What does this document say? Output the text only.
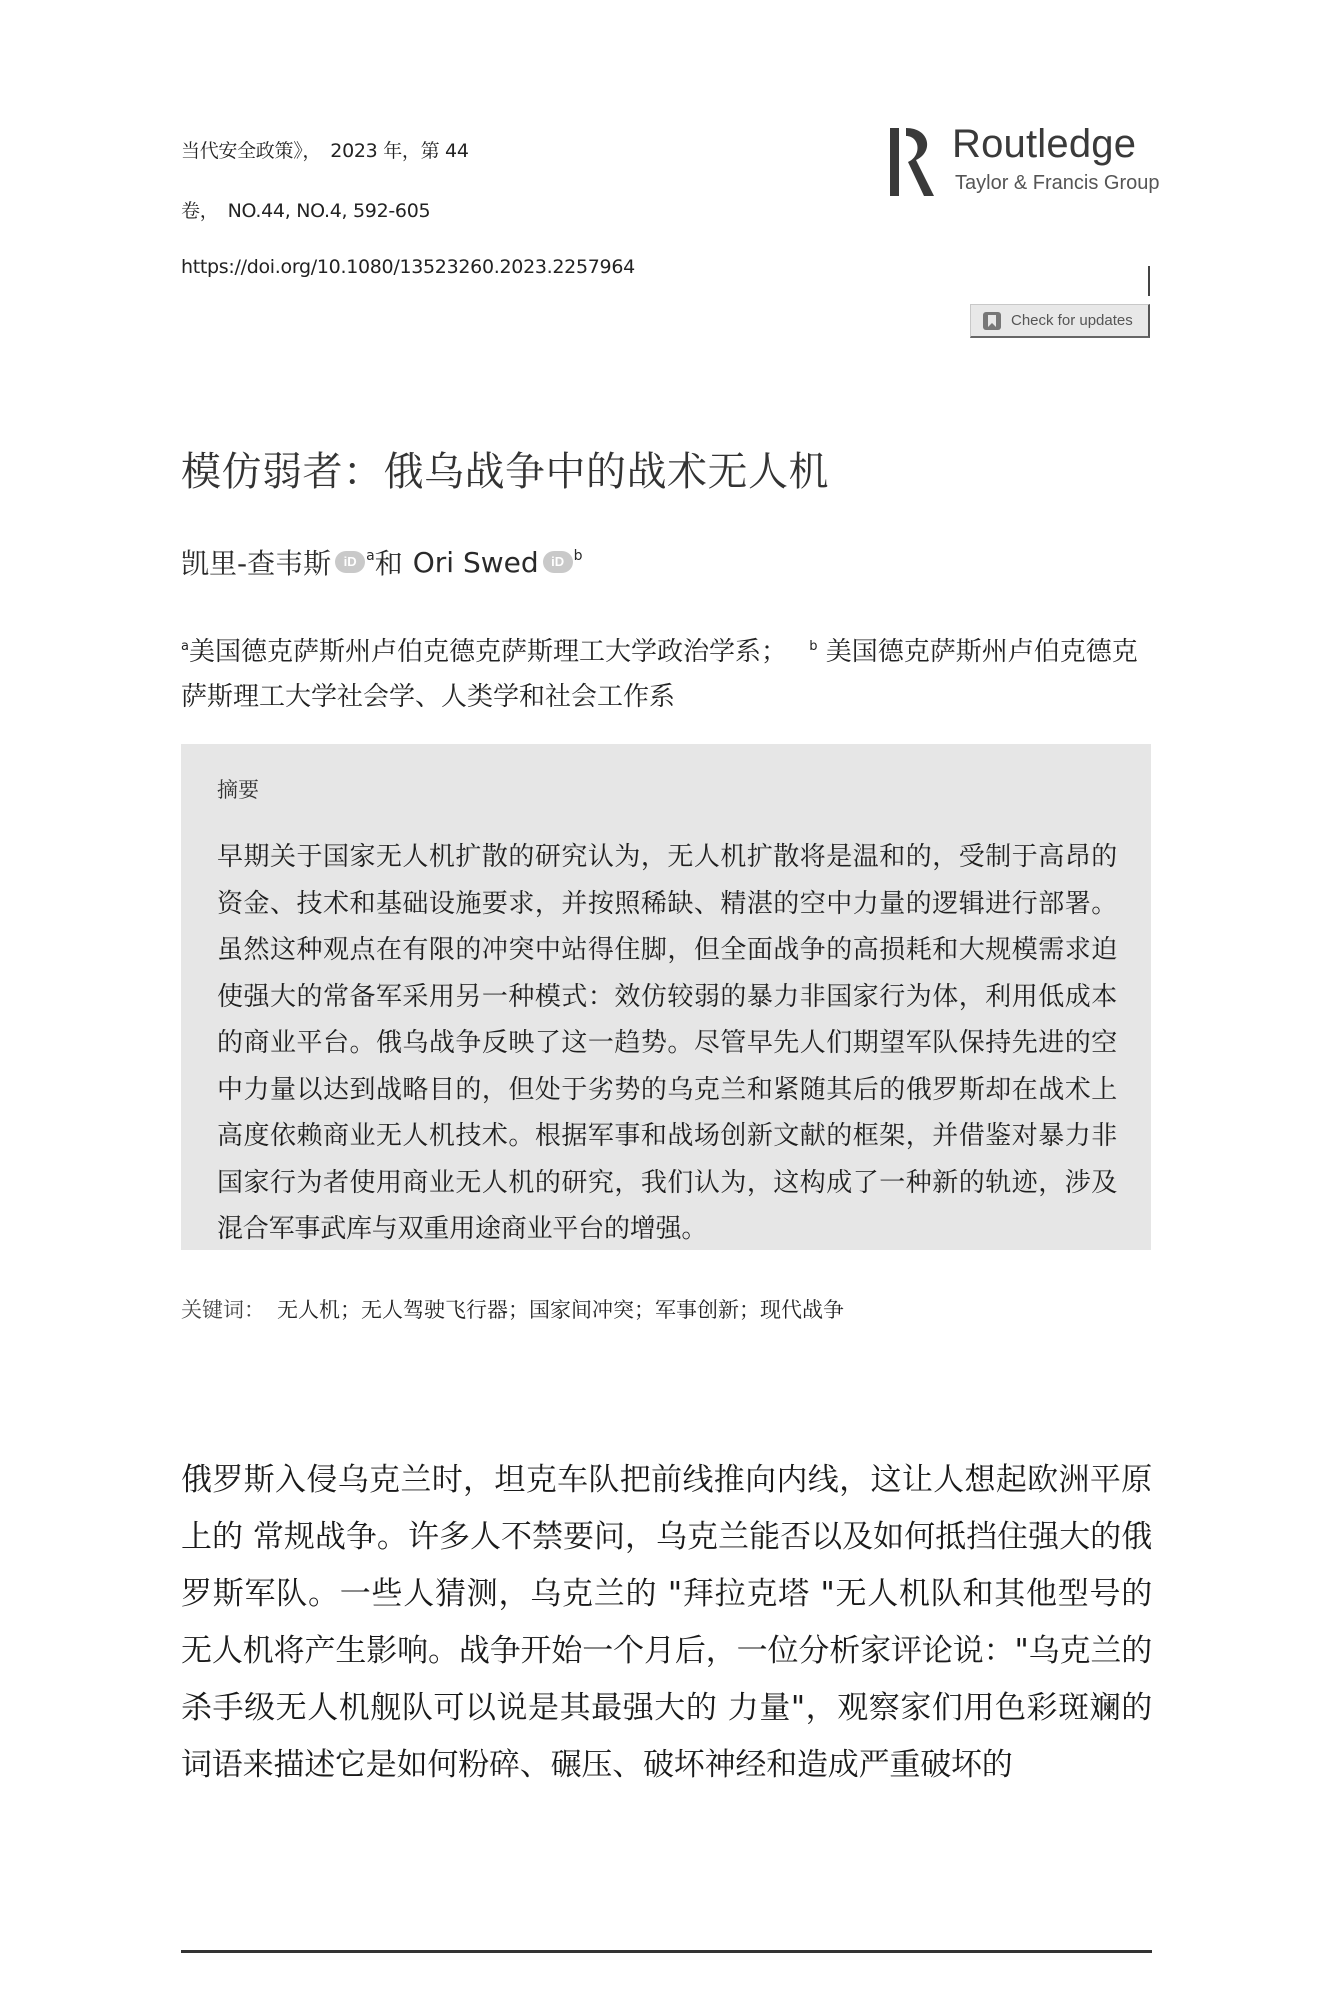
当代安全政策》，　2023 年，第 44
卷，　NO.44, NO.4, 592-605
https://doi.org/10.1080/13523260.2023.2257964
Routledge
Taylor & Francis Group
Check for updates
模仿弱者：俄乌战争中的战术无人机
凯里-查韦斯 iD a 和 Ori Swed iD b
$^a$美国德克萨斯州卢伯克德克萨斯理工大学政治学系； $^b$ 美国德克萨斯州卢伯克德克萨斯理工大学社会学、人类学和社会工作系
摘要
早期关于国家无人机扩散的研究认为，无人机扩散将是温和的，受制于高昂的资金、技术和基础设施要求，并按照稀缺、精湛的空中力量的逻辑进行部署。虽然这种观点在有限的冲突中站得住脚，但全面战争的高损耗和大规模需求迫使强大的常备军采用另一种模式：效仿较弱的暴力非国家行为体，利用低成本的商业平台。俄乌战争反映了这一趋势。尽管早先人们期望军队保持先进的空中力量以达到战略目的，但处于劣势的乌克兰和紧随其后的俄罗斯却在战术上高度依赖商业无人机技术。根据军事和战场创新文献的框架，并借鉴对暴力非国家行为者使用商业无人机的研究，我们认为，这构成了一种新的轨迹，涉及混合军事武库与双重用途商业平台的增强。
关键词： 无人机；无人驾驶飞行器；国家间冲突；军事创新；现代战争
俄罗斯入侵乌克兰时，坦克车队把前线推向内线，这让人想起欧洲平原上的 常规战争。许多人不禁要问，乌克兰能否以及如何抵挡住强大的俄罗斯军队。一些人猜测，乌克兰的 "拜拉克塔 "无人机队和其他型号的无人机将产生影响。战争开始一个月后，一位分析家评论说："乌克兰的杀手级无人机舰队可以说是其最强大的 力量"，观察家们用色彩斑斓的词语来描述它是如何粉碎、碾压、破坏神经和造成严重破坏的
